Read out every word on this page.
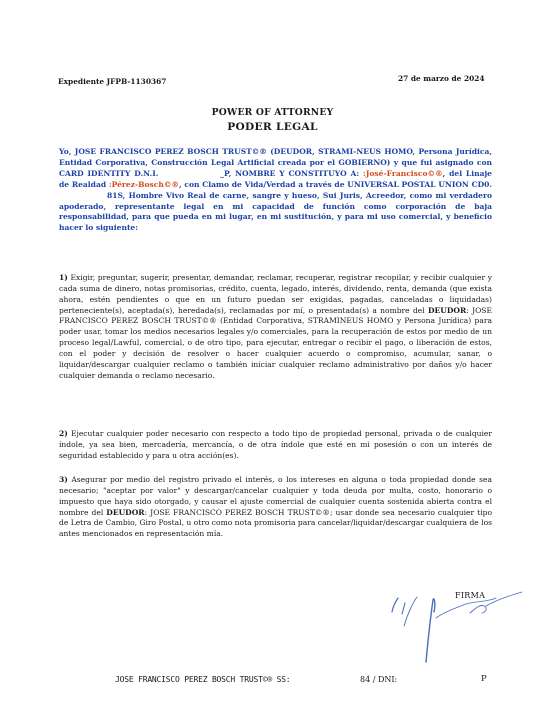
Expediente JFPB-1130367	27 de marzo de 2024
POWER OF ATTORNEY
PODER LEGAL
Yo, JOSE FRANCISCO PEREZ BOSCH TRUST©® (DEUDOR, STRAMI-NEUS HOMO, Persona Jurídica, Entidad Corporativa, Construcción Legal Artificial creada por el GOBIERNO) y que fui asignado con CARD IDENTITY D.N.I.	_P, NOMBRE Y CONSTITUYO A: :José-Francisco©®, del Linaje de Realdad :Pérez-Bosch©®, con Clamo de Vida/Verdad a través de UNIVERSAL POSTAL UNION CD0.81S, Hombre Vivo Real de carne, sangre y hueso, Sui Juris, Acreedor, como mi verdadero apoderado, representante legal en mi capacidad de función como corporación de baja responsabilidad, para que pueda en mi lugar, en mi sustitución, y para mi uso comercial, y beneficio hacer lo siguiente:
1) Exigir, preguntar, sugerir, presentar, demandar, reclamar, recuperar, registrar recopilar, y recibir cualquier y cada suma de dinero, notas promisorias, crédito, cuenta, legado, interés, dividendo, renta, demanda (que exista ahora, estén pendientes o que en un futuro puedan ser exigidas, pagadas, canceladas o liquidadas) perteneciente(s), aceptada(s), heredada(s), reclamadas por mí, o presentada(s) a nombre del DEUDOR: JOSE FRANCISCO PEREZ BOSCH TRUST©® (Entidad Corporativa, STRAMINEUS HOMO y Persona Jurídica) para poder usar, tomar los medios necesarios legales y/o comerciales, para la recuperación de estos por medio de un proceso legal/Lawful, comercial, o de otro tipo, para ejecutar, entregar o recibir el pago, o liberación de estos, con el poder y decisión de resolver o hacer cualquier acuerdo o compromiso, acumular, sanar, o liquidar/descargar cualquier reclamo o también iniciar cualquier reclamo administrativo por daños y/o hacer cualquier demanda o reclamo necesario.
2) Ejecutar cualquier poder necesario con respecto a todo tipo de propiedad personal, privada o de cualquier índole, ya sea bien, mercadería, mercancía, o de otra índole que esté en mi posesión o con un interés de seguridad establecido y para u otra acción(es).
3) Asegurar por medio del registro privado el interés, o los intereses en alguna o toda propiedad donde sea necesario; "aceptar por valor" y descargar/cancelar cualquier y toda deuda por multa, costo, honorario o impuesto que haya sido otorgado, y causar el ajuste comercial de cualquier cuenta sostenida abierta contra el nombre del DEUDOR: JOSE FRANCISCO PEREZ BOSCH TRUST©®; usar donde sea necesario cualquier tipo de Letra de Cambio, Giro Postal, u otro como nota promisoria para cancelar/liquidar/descargar cualquiera de los antes mencionados en representación mía.
FIRMA
JOSE FRANCISCO PEREZ BOSCH TRUST©® SS:	84 / DNI:	P
